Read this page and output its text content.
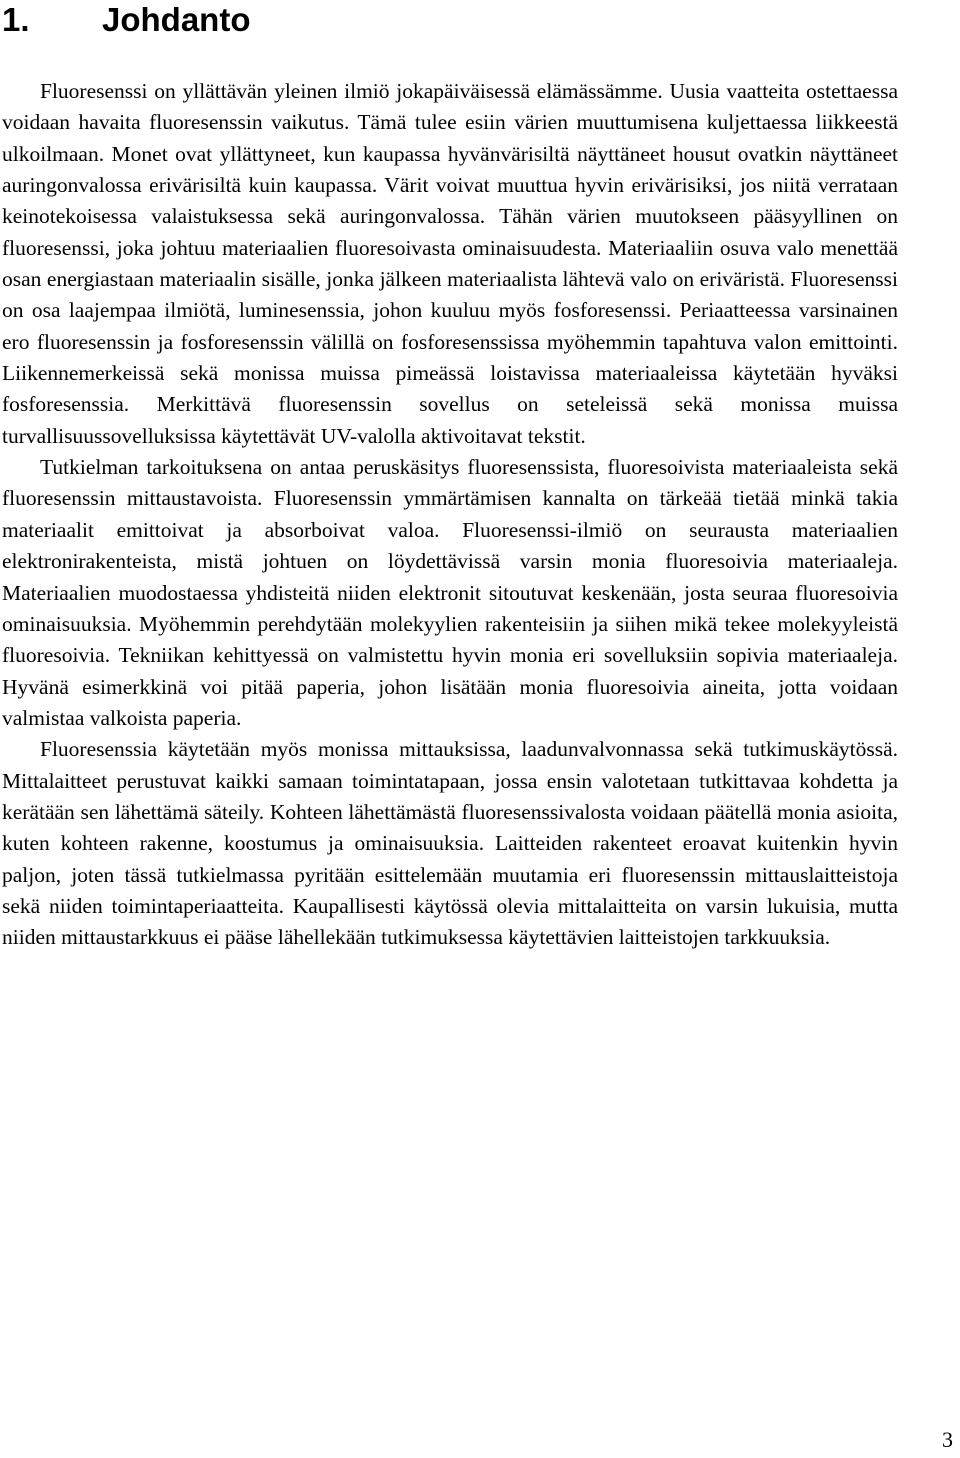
1. Johdanto

Fluoresenssi on yllättävän yleinen ilmiö jokapäiväisessä elämässämme. Uusia vaatteita ostettaessa voidaan havaita fluoresenssin vaikutus. Tämä tulee esiin värien muuttumisena kuljettaessa liikkeestä ulkoilmaan. Monet ovat yllättyneet, kun kaupassa hyvänvärisiltä näyttäneet housut ovatkin näyttäneet auringonvalossa erivärisiltä kuin kaupassa. Värit voivat muuttua hyvin erivärisiksi, jos niitä verrataan keinotekoisessa valaistuksessa sekä auringonvalossa. Tähän värien muutokseen pääsyyllinen on fluoresenssi, joka johtuu materiaalien fluoresoivasta ominaisuudesta. Materiaaliin osuva valo menettää osan energiastaan materiaalin sisälle, jonka jälkeen materiaalista lähtevä valo on eriväristä. Fluoresenssi on osa laajempaa ilmiötä, luminesenssia, johon kuuluu myös fosforesenssi. Periaatteessa varsinainen ero fluoresenssin ja fosforesenssin välillä on fosforesenssissa myöhemmin tapahtuva valon emittointi. Liikennemerkeissä sekä monissa muissa pimeässä loistavissa materiaaleissa käytetään hyväksi fosforesenssia. Merkittävä fluoresenssin sovellus on seteleissä sekä monissa muissa turvallisuussovelluksissa käytettävät UV-valolla aktivoitavat tekstit.

Tutkielman tarkoituksena on antaa peruskäsitys fluoresenssista, fluoresoivista materiaaleista sekä fluoresenssin mittaustavoista. Fluoresenssin ymmärtämisen kannalta on tärkeää tietää minkä takia materiaalit emittoivat ja absorboivat valoa. Fluoresenssi-ilmiö on seurausta materiaalien elektronirakenteista, mistä johtuen on löydettävissä varsin monia fluoresoivia materiaaleja. Materiaalien muodostaessa yhdisteitä niiden elektronit sitoutuvat keskenään, josta seuraa fluoresoivia ominaisuuksia. Myöhemmin perehdytään molekyylien rakenteisiin ja siihen mikä tekee molekyyleistä fluoresoivia. Tekniikan kehittyessä on valmistettu hyvin monia eri sovelluksiin sopivia materiaaleja. Hyvänä esimerkkinä voi pitää paperia, johon lisätään monia fluoresoivia aineita, jotta voidaan valmistaa valkoista paperia.

Fluoresenssia käytetään myös monissa mittauksissa, laadunvalvonnassa sekä tutkimuskäytössä. Mittalaitteet perustuvat kaikki samaan toimintatapaan, jossa ensin valotetaan tutkittavaa kohdetta ja kerätään sen lähettämä säteily. Kohteen lähettämästä fluoresenssivalosta voidaan päätellä monia asioita, kuten kohteen rakenne, koostumus ja ominaisuuksia. Laitteiden rakenteet eroavat kuitenkin hyvin paljon, joten tässä tutkielmassa pyritään esittelemään muutamia eri fluoresenssin mittauslaitteistoja sekä niiden toimintaperiaatteita. Kaupallisesti käytössä olevia mittalaitteita on varsin lukuisia, mutta niiden mittaustarkkuus ei pääse lähellekään tutkimuksessa käytettävien laitteistojen tarkkuuksia.

3
